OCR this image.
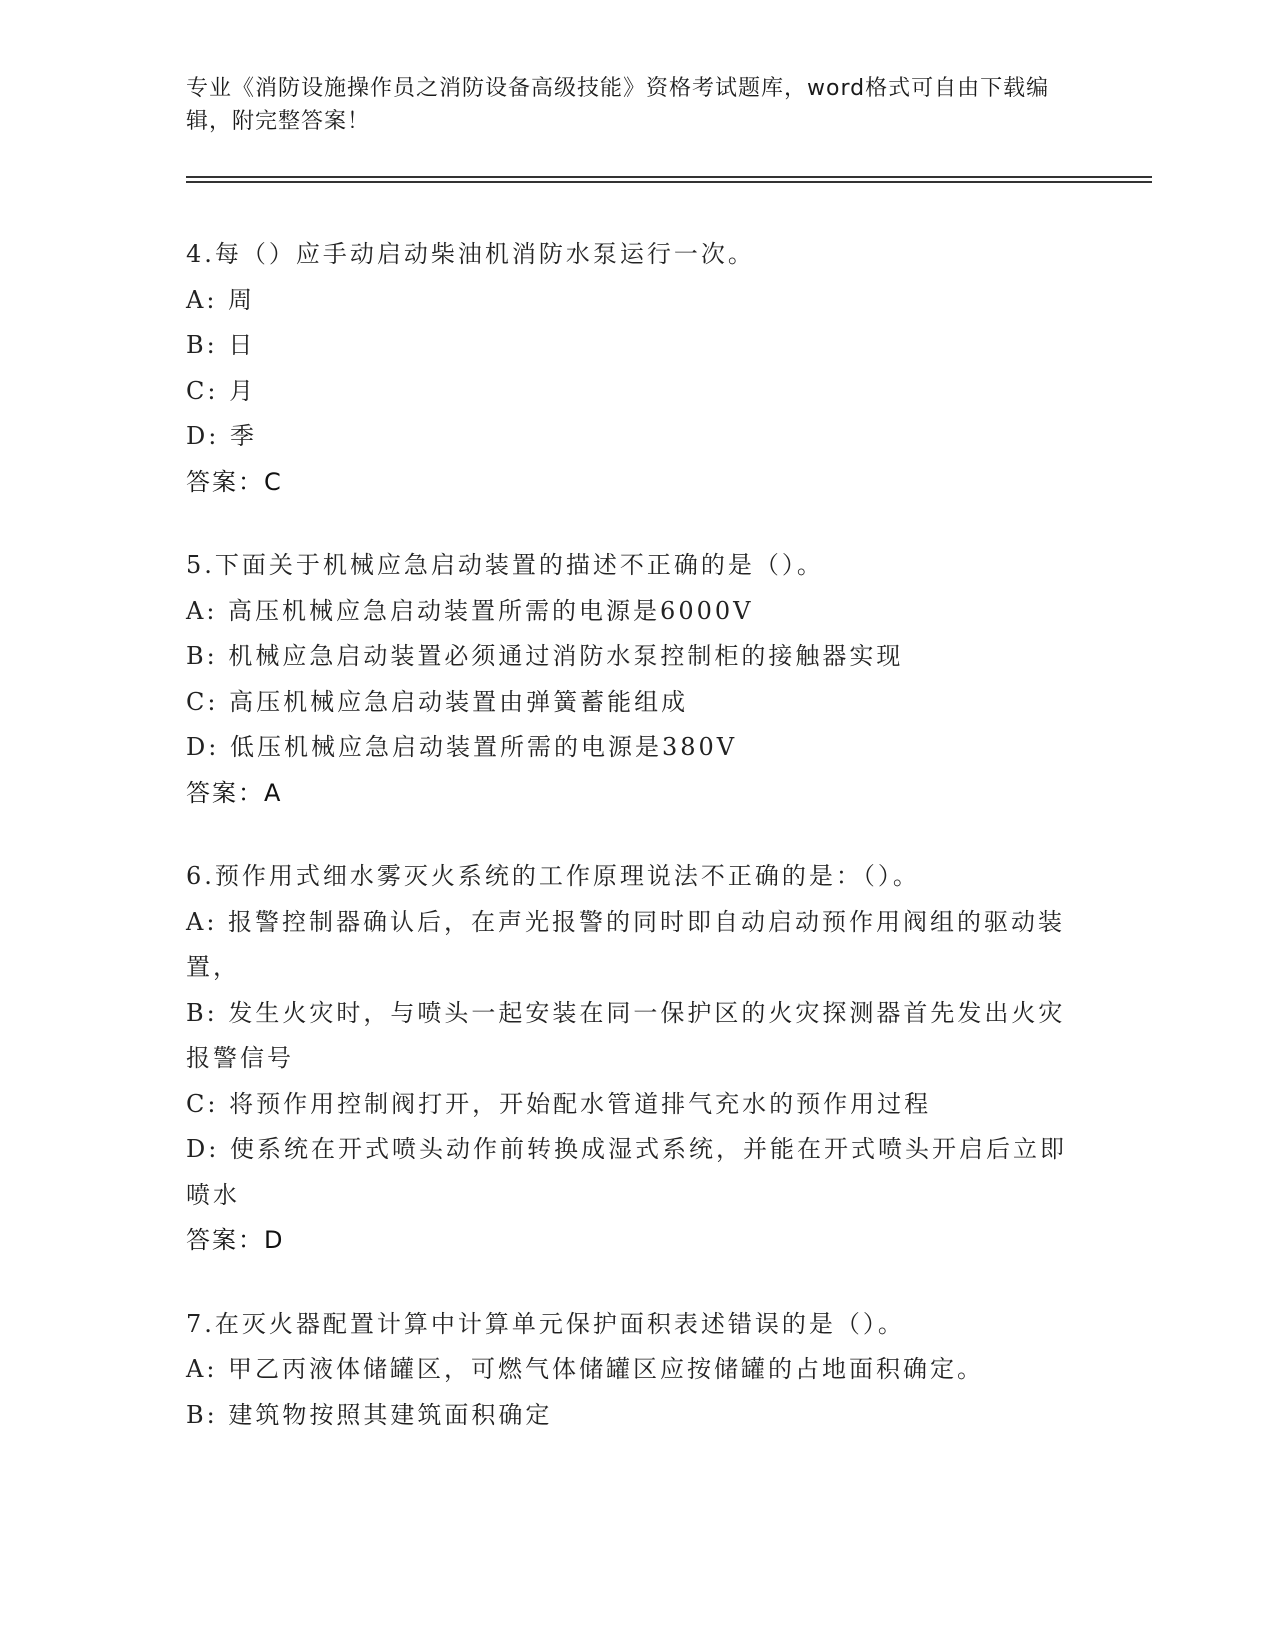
专业《消防设施操作员之消防设备高级技能》资格考试题库，word格式可自由下载编辑，附完整答案！
4.每（）应手动启动柴油机消防水泵运行一次。
A: 周
B: 日
C: 月
D: 季
答案：C
5.下面关于机械应急启动装置的描述不正确的是（）。
A: 高压机械应急启动装置所需的电源是6000V
B: 机械应急启动装置必须通过消防水泵控制柜的接触器实现
C: 高压机械应急启动装置由弹簧蓄能组成
D: 低压机械应急启动装置所需的电源是380V
答案：A
6.预作用式细水雾灭火系统的工作原理说法不正确的是：（）。
A: 报警控制器确认后，在声光报警的同时即自动启动预作用阀组的驱动装置，
B: 发生火灾时，与喷头一起安装在同一保护区的火灾探测器首先发出火灾报警信号
C: 将预作用控制阀打开，开始配水管道排气充水的预作用过程
D: 使系统在开式喷头动作前转换成湿式系统，并能在开式喷头开启后立即喷水
答案：D
7.在灭火器配置计算中计算单元保护面积表述错误的是（）。
A: 甲乙丙液体储罐区，可燃气体储罐区应按储罐的占地面积确定。
B: 建筑物按照其建筑面积确定
